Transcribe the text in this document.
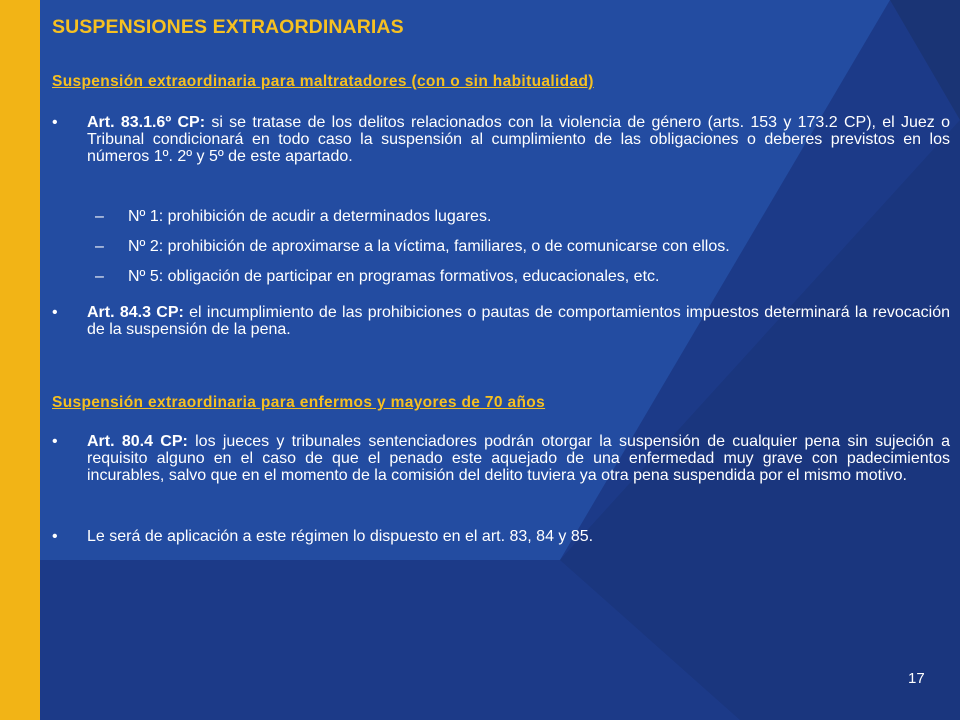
SUSPENSIONES EXTRAORDINARIAS

Suspensión extraordinaria para maltratadores (con o sin habitualidad)

• Art. 83.1.6º CP: si se tratase de los delitos relacionados con la violencia de género (arts. 153 y 173.2 CP), el Juez o Tribunal condicionará en todo caso la suspensión al cumplimiento de las obligaciones o deberes previstos en los números 1º. 2º y 5º de este apartado.
– Nº 1: prohibición de acudir a determinados lugares.
– Nº 2: prohibición de aproximarse a la víctima, familiares, o de comunicarse con ellos.
– Nº 5: obligación de participar en programas formativos, educacionales, etc.
• Art. 84.3 CP: el incumplimiento de las prohibiciones o pautas de comportamientos impuestos determinará la revocación de la suspensión de la pena.

Suspensión extraordinaria para enfermos y mayores de 70 años

• Art. 80.4 CP: los jueces y tribunales sentenciadores podrán otorgar la suspensión de cualquier pena sin sujeción a requisito alguno en el caso de que el penado este aquejado de una enfermedad muy grave con padecimientos incurables, salvo que en el momento de la comisión del delito tuviera ya otra pena suspendida por el mismo motivo.
• Le será de aplicación a este régimen lo dispuesto en el art. 83, 84 y 85.
17
